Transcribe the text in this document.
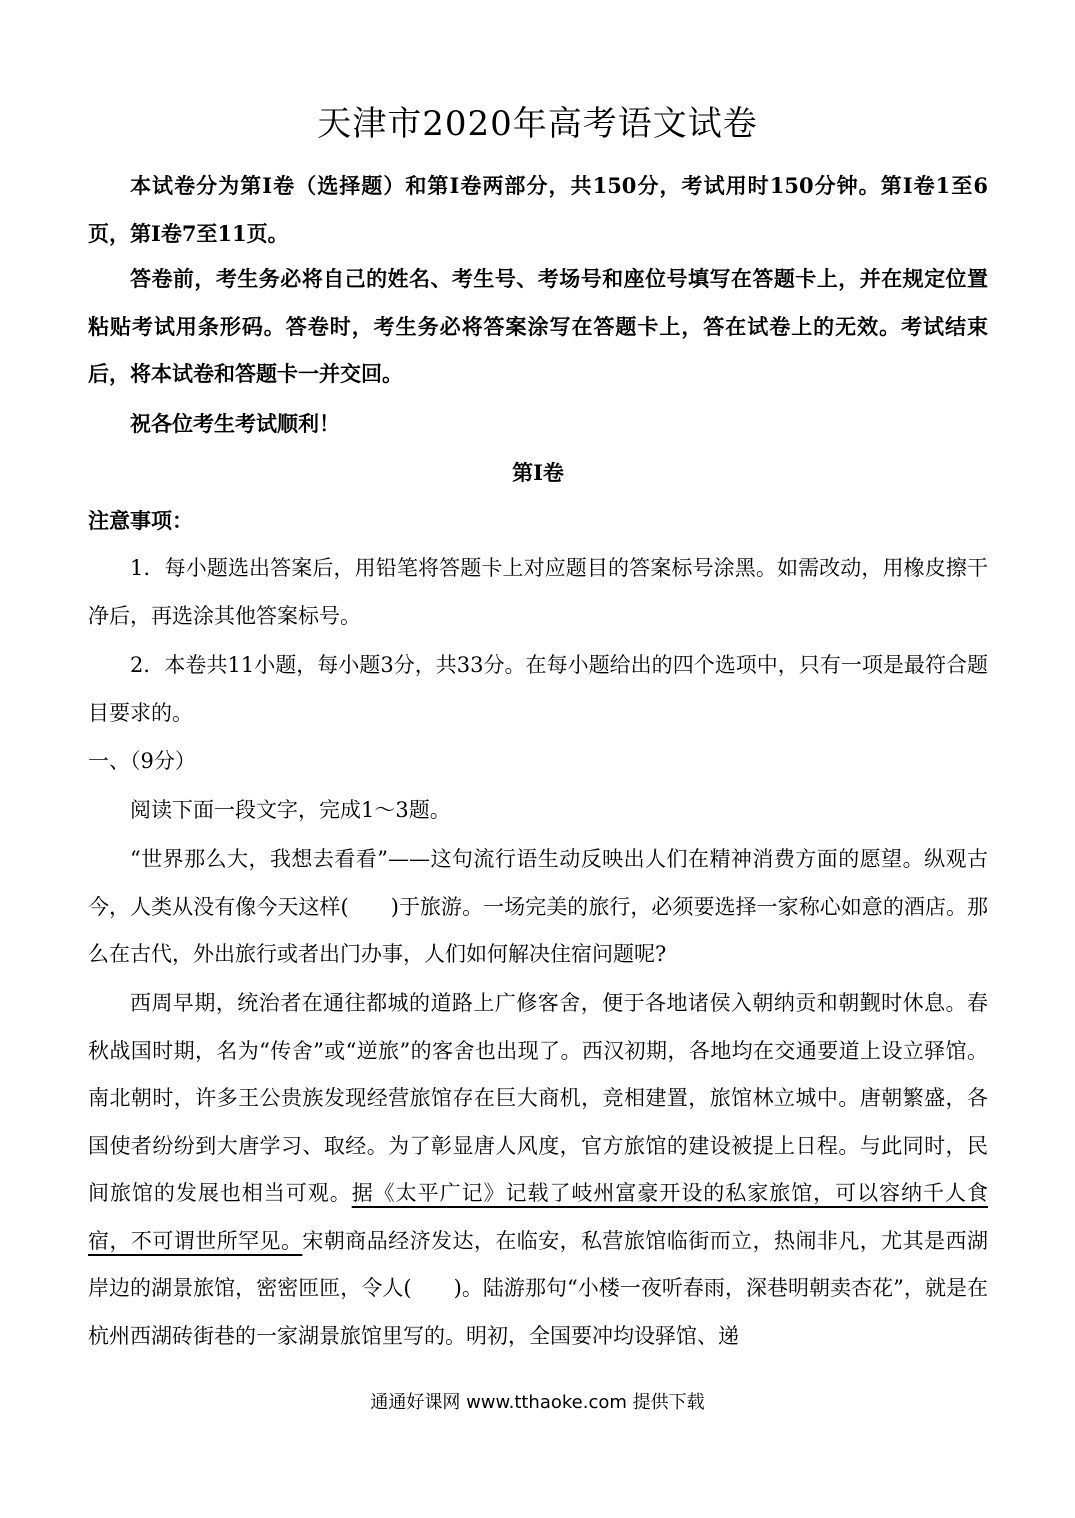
天津市2020年高考语文试卷

本试卷分为第Ⅰ卷（选择题）和第Ⅰ卷两部分，共150分，考试用时150分钟。第Ⅰ卷1至6页，第Ⅰ卷7至11页。

答卷前，考生务必将自己的姓名、考生号、考场号和座位号填写在答题卡上，并在规定位置粘贴考试用条形码。答卷时，考生务必将答案涂写在答题卡上，答在试卷上的无效。考试结束后，将本试卷和答题卡一并交回。

祝各位考生考试顺利！

第Ⅰ卷

注意事项：

1．每小题选出答案后，用铅笔将答题卡上对应题目的答案标号涂黑。如需改动，用橡皮擦干净后，再选涂其他答案标号。

2．本卷共11小题，每小题3分，共33分。在每小题给出的四个选项中，只有一项是最符合题目要求的。

一、（9分）

阅读下面一段文字，完成1～3题。

“世界那么大，我想去看看”——这句流行语生动反映出人们在精神消费方面的愿望。纵观古今，人类从没有像今天这样(　　)于旅游。一场完美的旅行，必须要选择一家称心如意的酒店。那么在古代，外出旅行或者出门办事，人们如何解决住宿问题呢?

西周早期，统治者在通往都城的道路上广修客舍，便于各地诸侯入朝纳贡和朝觐时休息。春秋战国时期，名为“传舍”或“逆旅”的客舍也出现了。西汉初期，各地均在交通要道上设立驿馆。南北朝时，许多王公贵族发现经营旅馆存在巨大商机，竞相建置，旅馆林立城中。唐朝繁盛，各国使者纷纷到大唐学习、取经。为了彰显唐人风度，官方旅馆的建设被提上日程。与此同时，民间旅馆的发展也相当可观。据《太平广记》记载了岐州富豪开设的私家旅馆，可以容纳千人食宿，不可谓世所罕见。宋朝商品经济发达，在临安，私营旅馆临街而立，热闹非凡，尤其是西湖岸边的湖景旅馆，密密匝匝，令人(　　)。陆游那句“小楼一夜听春雨，深巷明朝卖杏花”，就是在杭州西湖砖街巷的一家湖景旅馆里写的。明初，全国要冲均设驿馆、递

通通好课网 www.tthaoke.com 提供下载
